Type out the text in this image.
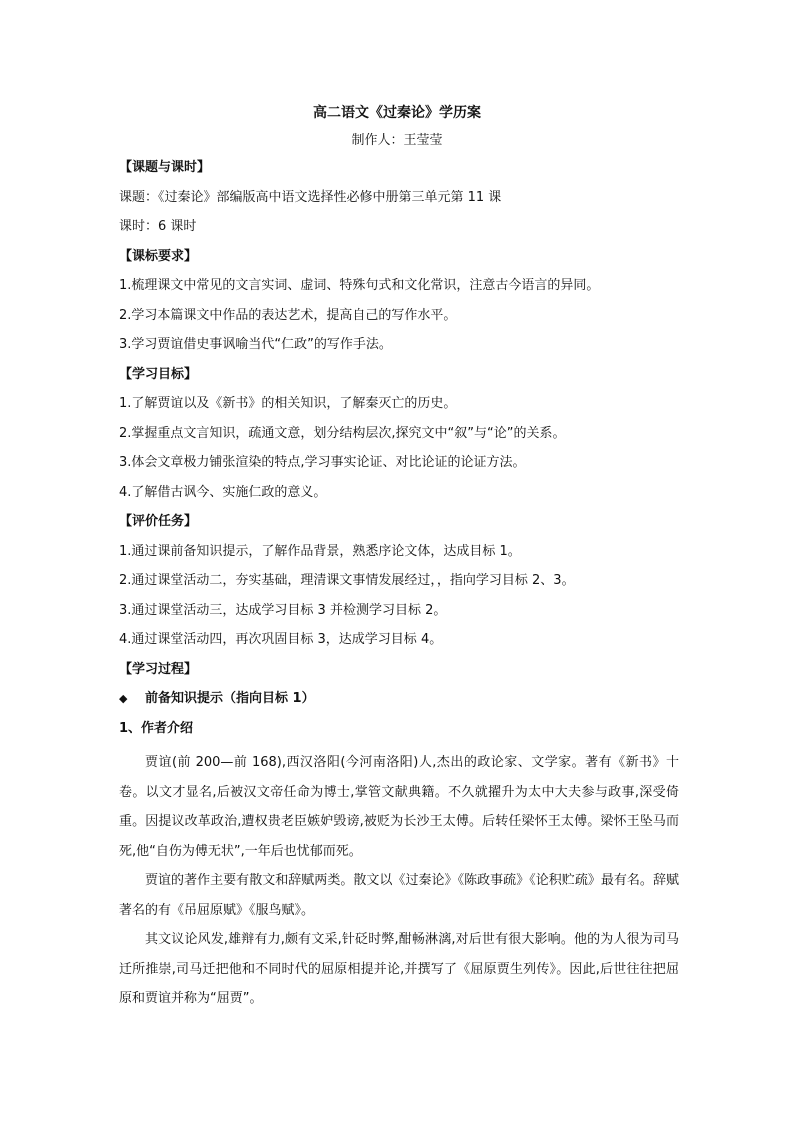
高二语文《过秦论》学历案
制作人：王莹莹
【课题与课时】
课题：《过秦论》部编版高中语文选择性必修中册第三单元第 11 课
课时：6 课时
【课标要求】
1.梳理课文中常见的文言实词、虚词、特殊句式和文化常识，注意古今语言的异同。
2.学习本篇课文中作品的表达艺术，提高自己的写作水平。
3.学习贾谊借史事讽喻当代“仁政”的写作手法。
【学习目标】
1.了解贾谊以及《新书》的相关知识，了解秦灭亡的历史。
2.掌握重点文言知识，疏通文意，划分结构层次,探究文中“叙”与“论”的关系。
3.体会文章极力铺张渲染的特点,学习事实论证、对比论证的论证方法。
4.了解借古讽今、实施仁政的意义。
【评价任务】
1.通过课前备知识提示，了解作品背景，熟悉序论文体，达成目标 1。
2.通过课堂活动二，夯实基础，理清课文事情发展经过，，指向学习目标 2、3。
3.通过课堂活动三，达成学习目标 3 并检测学习目标 2。
4.通过课堂活动四，再次巩固目标 3，达成学习目标 4。
【学习过程】
◆ 前备知识提示（指向目标 1）
1、作者介绍

贾谊(前 200—前 168),西汉洛阳(今河南洛阳)人,杰出的政论家、文学家。著有《新书》十卷。以文才显名,后被汉文帝任命为博士,掌管文献典籍。不久就擢升为太中大夫参与政事,深受倚重。因提议改革政治,遭权贵老臣嫉妒毁谤,被贬为长沙王太傅。后转任梁怀王太傅。梁怀王坠马而死,他“自伤为傅无状”,一年后也忧郁而死。

贾谊的著作主要有散文和辞赋两类。散文以《过秦论》《陈政事疏》《论积贮疏》最有名。辞赋著名的有《吊屈原赋》《服鸟赋》。

其文议论风发,雄辩有力,颇有文采,针砭时弊,酣畅淋漓,对后世有很大影响。他的为人很为司马迁所推崇,司马迁把他和不同时代的屈原相提并论,并撰写了《屈原贾生列传》。因此,后世往往把屈原和贾谊并称为“屈贾”。
